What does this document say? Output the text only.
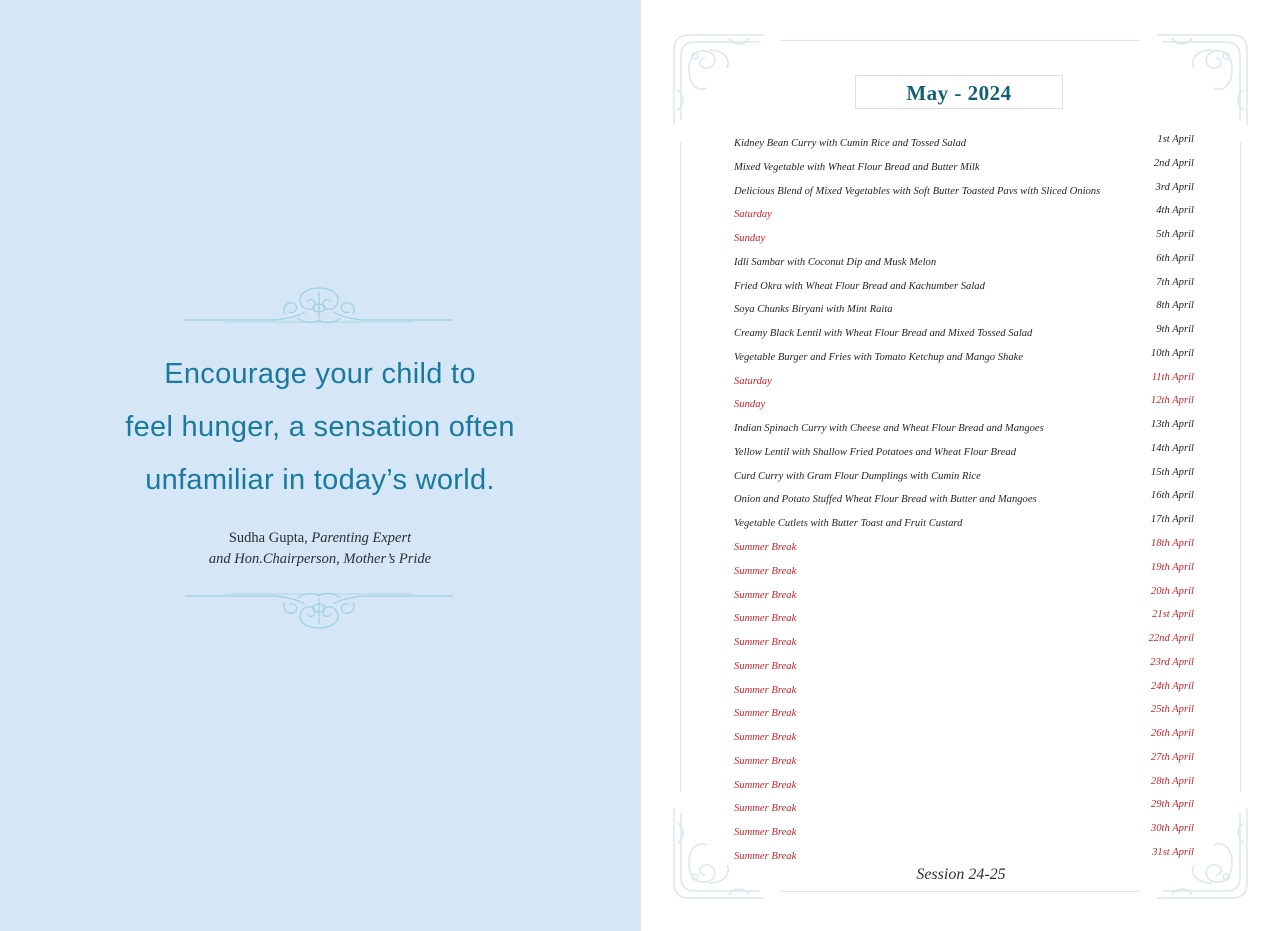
Encourage your child to
feel hunger, a sensation often
unfamiliar in today’s world.
Sudha Gupta, Parenting Expert
and Hon.Chairperson, Mother’s Pride
May - 2024
Kidney Bean Curry with Cumin Rice and Tossed Salad	1st April
Mixed Vegetable with Wheat Flour Bread and Butter Milk	2nd April
Delicious Blend of Mixed Vegetables with Soft Butter Toasted Pavs with Sliced Onions	3rd April
Saturday	4th April
Sunday	5th April
Idli Sambar with Coconut Dip and Musk Melon	6th April
Fried Okra with Wheat Flour Bread and Kachumber Salad	7th April
Soya Chunks Biryani with Mint Raita	8th April
Creamy Black Lentil with Wheat Flour Bread and Mixed Tossed Salad	9th April
Vegetable Burger and Fries with Tomato Ketchup and Mango Shake	10th April
Saturday	11th April
Sunday	12th April
Indian Spinach Curry with Cheese and Wheat Flour Bread and Mangoes	13th April
Yellow Lentil with Shallow Fried Potatoes and Wheat Flour Bread	14th April
Curd Curry with Gram Flour Dumplings with Cumin Rice	15th April
Onion and Potato Stuffed Wheat Flour Bread with Butter and Mangoes	16th April
Vegetable Cutlets with Butter Toast and Fruit Custard	17th April
Summer Break	18th April
Summer Break	19th April
Summer Break	20th April
Summer Break	21st April
Summer Break	22nd April
Summer Break	23rd April
Summer Break	24th April
Summer Break	25th April
Summer Break	26th April
Summer Break	27th April
Summer Break	28th April
Summer Break	29th April
Summer Break	30th April
Summer Break	31st April
Session 24-25
